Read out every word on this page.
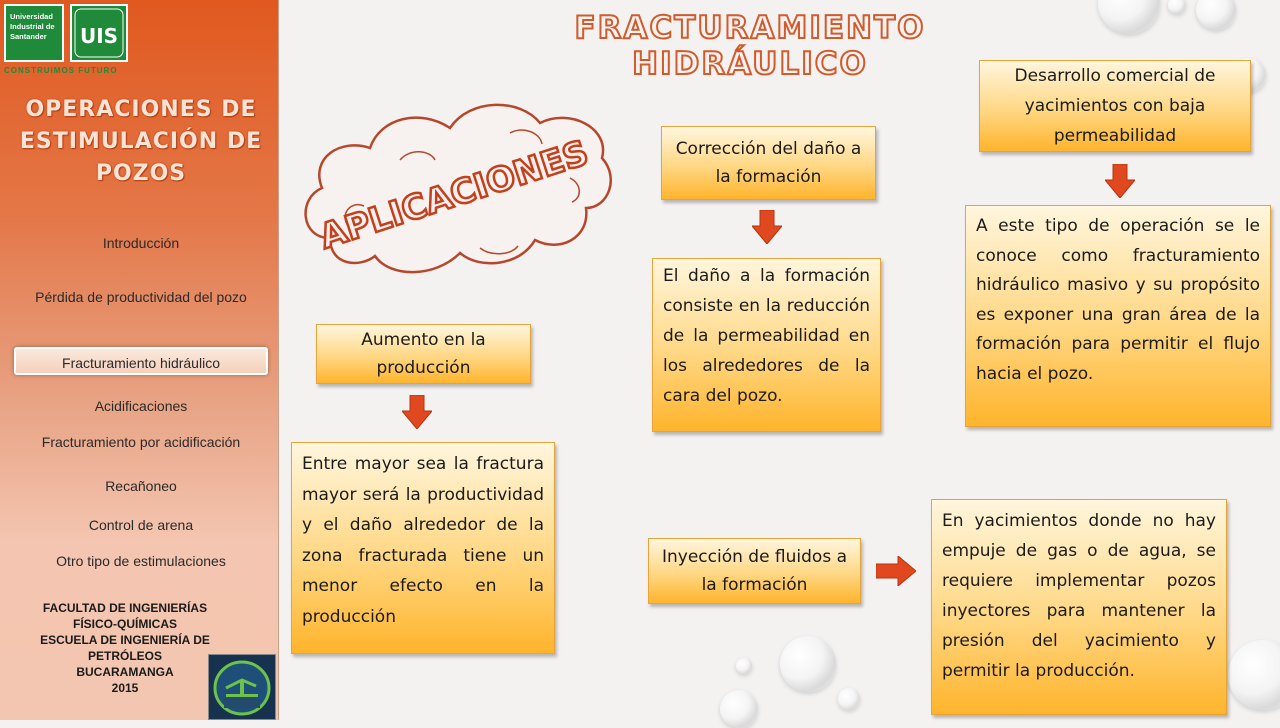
Universidad
Industrial de
Santander	UIS
CONSTRUIMOS FUTURO
OPERACIONES DE ESTIMULACIÓN DE POZOS
Introducción
Pérdida de productividad del pozo
Fracturamiento hidráulico
Acidificaciones
Fracturamiento por acidificación
Recañoneo
Control de arena
Otro tipo de estimulaciones
FACULTAD DE INGENIERÍAS
FÍSICO-QUÍMICAS
ESCUELA DE INGENIERÍA DE
PETRÓLEOS
BUCARAMANGA
2015
FRACTURAMIENTO HIDRÁULICO
APLICACIONES	Corrección del daño a la formación
El daño a la formación consiste en la reducción de la permeabilidad en los alrededores de la cara del pozo.
Desarrollo comercial de yacimientos con baja permeabilidad
A este tipo de operación se le conoce como fracturamiento hidráulico masivo y su propósito es exponer una gran área de la formación para permitir el flujo hacia el pozo.
Aumento en la producción
Entre mayor sea la fractura mayor será la productividad y el daño alrededor de la zona fracturada tiene un menor efecto en la producción
Inyección de fluidos a la formación
En yacimientos donde no hay empuje de gas o de agua, se requiere implementar pozos inyectores para mantener la presión del yacimiento y permitir la producción.
